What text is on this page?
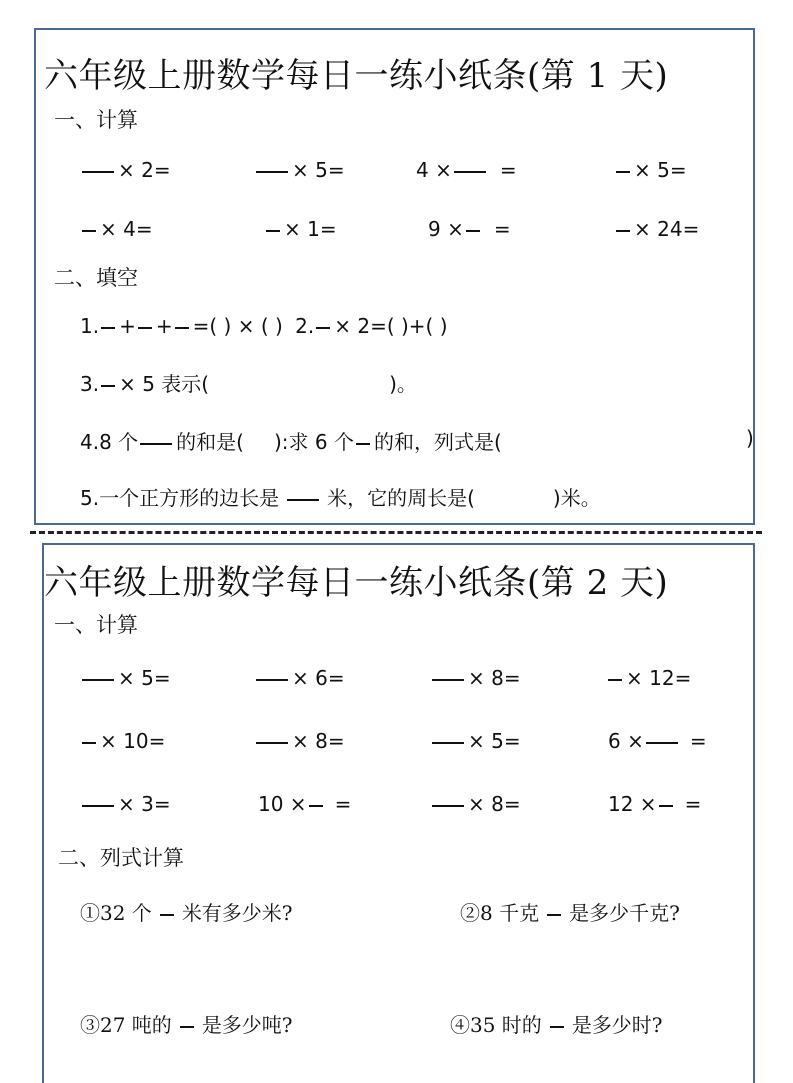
六年级上册数学每日一练小纸条(第 1 天)
一、计算
× 2=	× 5=	4 × =	× 5=
× 4=	× 1=	9 × =	× 24=
二、填空
1. + + =( ) × ( ) 2. × 2=( )+( )
3. × 5 表示(	)。
4.8 个 的和是( ):求 6 个 的和，列式是(	)
5.一个正方形的边长是 米，它的周长是(	)米。
六年级上册数学每日一练小纸条(第 2 天)
一、计算
× 5=	× 6=	× 8=	× 12=
× 10=	× 8=	× 5=	6 × =
× 3=	10 × =	× 8=	12 × =
二、列式计算
①32 个 米有多少米?	②8 千克 是多少千克?
③27 吨的 是多少吨?	④35 时的 是多少时?
